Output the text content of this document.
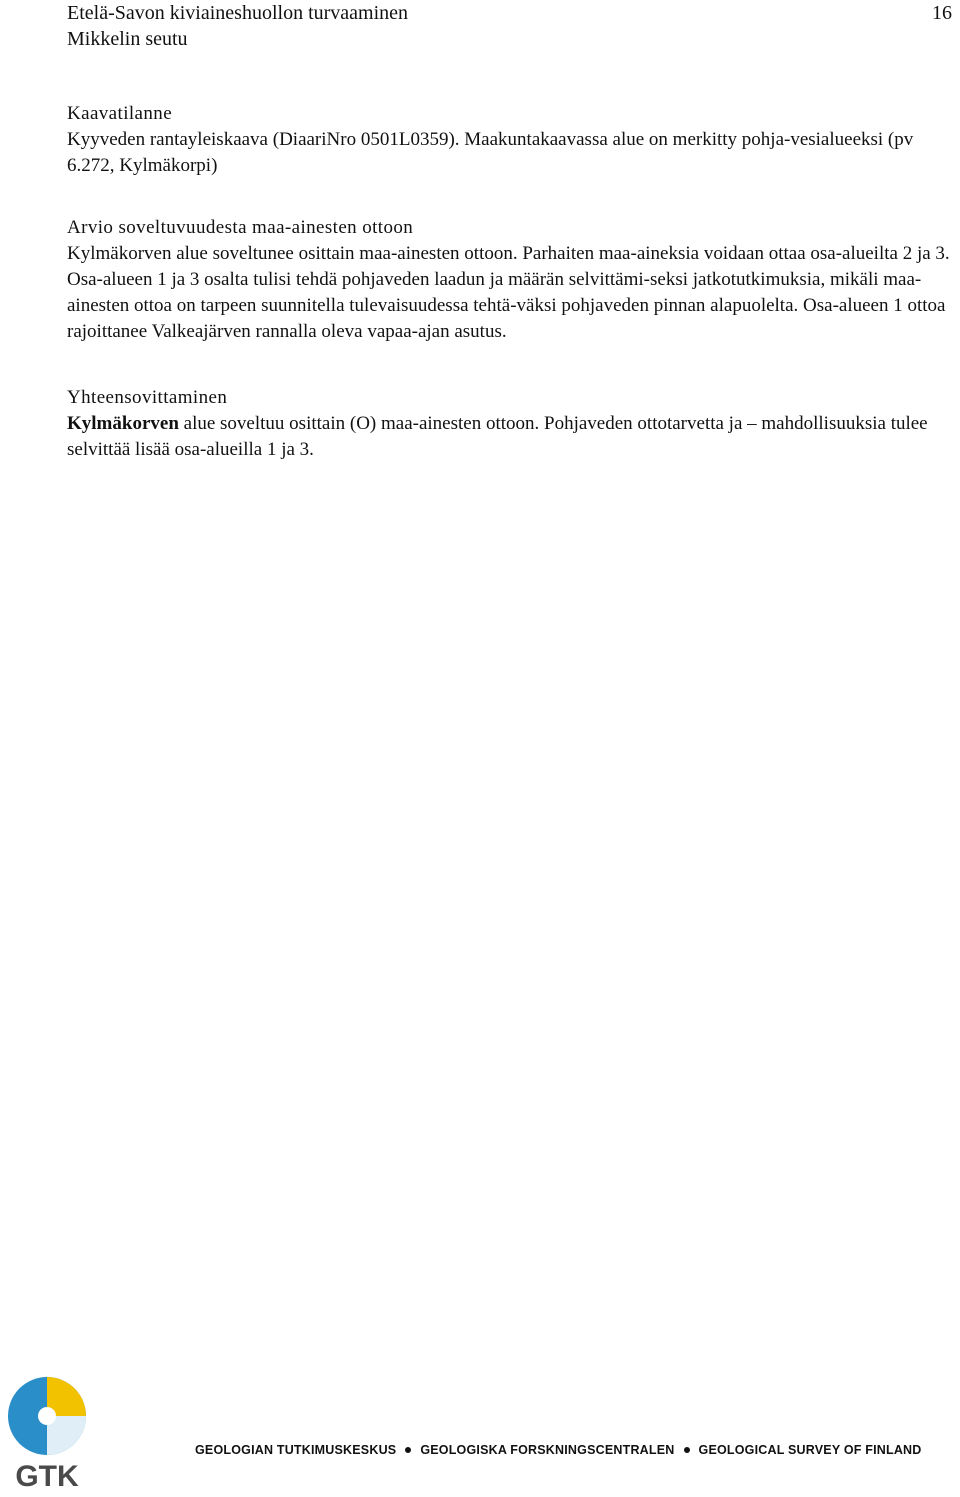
Etelä-Savon kiviaineshuollon turvaaminen
Mikkelin seutu
16
Kaavatilanne

Kyyveden rantayleiskaava (DiaariNro 0501L0359). Maakuntakaavassa alue on merkitty pohja-vesialueeksi (pv 6.272, Kylmäkorpi)

Arvio soveltuvuudesta maa-ainesten ottoon

Kylmäkorven alue soveltunee osittain maa-ainesten ottoon. Parhaiten maa-aineksia voidaan ottaa osa-alueilta 2 ja 3. Osa-alueen 1 ja 3 osalta tulisi tehdä pohjaveden laadun ja määrän selvittämi-seksi jatkotutkimuksia, mikäli maa-ainesten ottoa on tarpeen suunnitella tulevaisuudessa tehtä-väksi pohjaveden pinnan alapuolelta. Osa-alueen 1 ottoa rajoittanee Valkeajärven rannalla oleva vapaa-ajan asutus.

Yhteensovittaminen

Kylmäkorven alue soveltuu osittain (O) maa-ainesten ottoon. Pohjaveden ottotarvetta ja – mahdollisuuksia tulee selvittää lisää osa-alueilla 1 ja 3.

GTK
GEOLOGIAN TUTKIMUSKESKUS GEOLOGISKA FORSKNINGSCENTRALEN GEOLOGICAL SURVEY OF FINLAND
